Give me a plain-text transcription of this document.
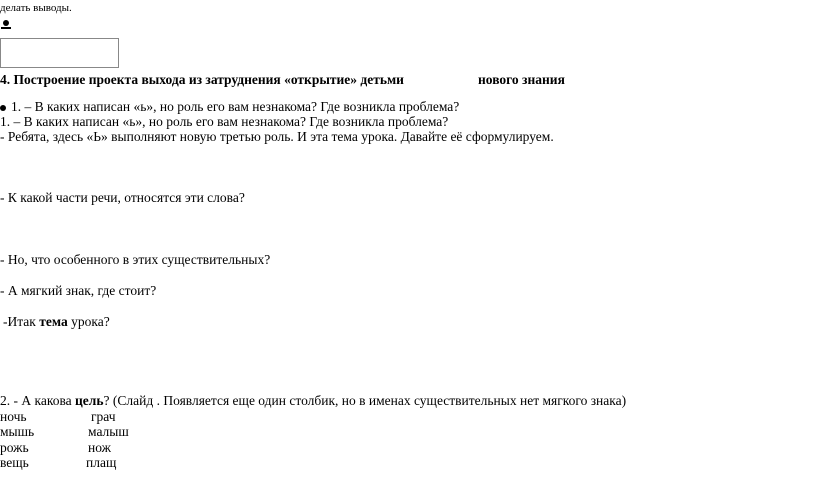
делать выводы.
4. Построение проекта выхода из затруднения «открытие» детьми	нового знания
1. – В каких написан «ь», но роль его вам незнакома? Где возникла проблема?
1. – В каких написан «ь», но роль его вам незнакома? Где возникла проблема?
- Ребята, здесь «Ь» выполняют новую третью роль. И эта тема урока. Давайте её сформулируем.
- К какой части речи, относятся эти слова?
- Но, что особенного в этих существительных?
- А мягкий знак, где стоит?
-Итак тема урока?
2. - А какова цель? (Слайд . Появляется еще один столбик, но в именах существительных нет мягкого знака)
ночь
мышь
рожь
вещь
грач
малыш
нож
плащ
